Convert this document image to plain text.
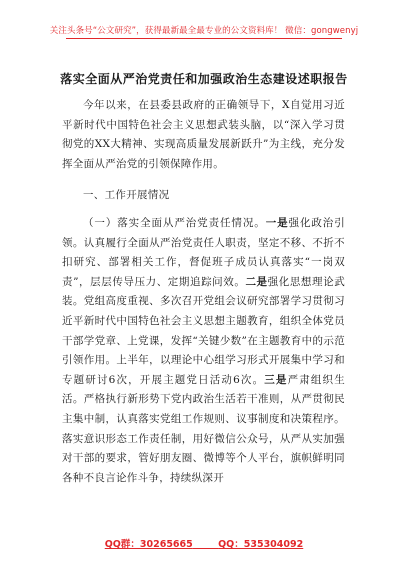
关注头条号“公文研究”，获得最新最全最专业的公文资料库！ 微信：gongwenyj
落实全面从严治党责任和加强政治生态建设述职报告

今年以来，在县委县政府的正确领导下，X自觉用习近平新时代中国特色社会主义思想武装头脑，以“深入学习贯彻党的XX大精神、实现高质量发展新跃升”为主线，充分发挥全面从严治党的引领保障作用。

一、工作开展情况

（一）落实全面从严治党责任情况。一是强化政治引领。认真履行全面从严治党责任人职责，坚定不移、不折不扣研究、部署相关工作，督促班子成员认真落实“一岗双责”，层层传导压力、定期追踪问效。二是强化思想理论武装。党组高度重视、多次召开党组会议研究部署学习贯彻习近平新时代中国特色社会主义思想主题教育，组织全体党员干部学党章、上党课，发挥“关键少数”在主题教育中的示范引领作用。上半年，以理论中心组学习形式开展集中学习和专题研讨6次，开展主题党日活动6次。三是严肃组织生活。严格执行新形势下党内政治生活若干准则，从严贯彻民主集中制，认真落实党组工作规则、议事制度和决策程序。落实意识形态工作责任制，用好微信公众号，从严从实加强对干部的要求，管好朋友圈、微博等个人平台，旗帜鲜明同各种不良言论作斗争，持续纵深开

QQ群：30265665	QQ：535304092
